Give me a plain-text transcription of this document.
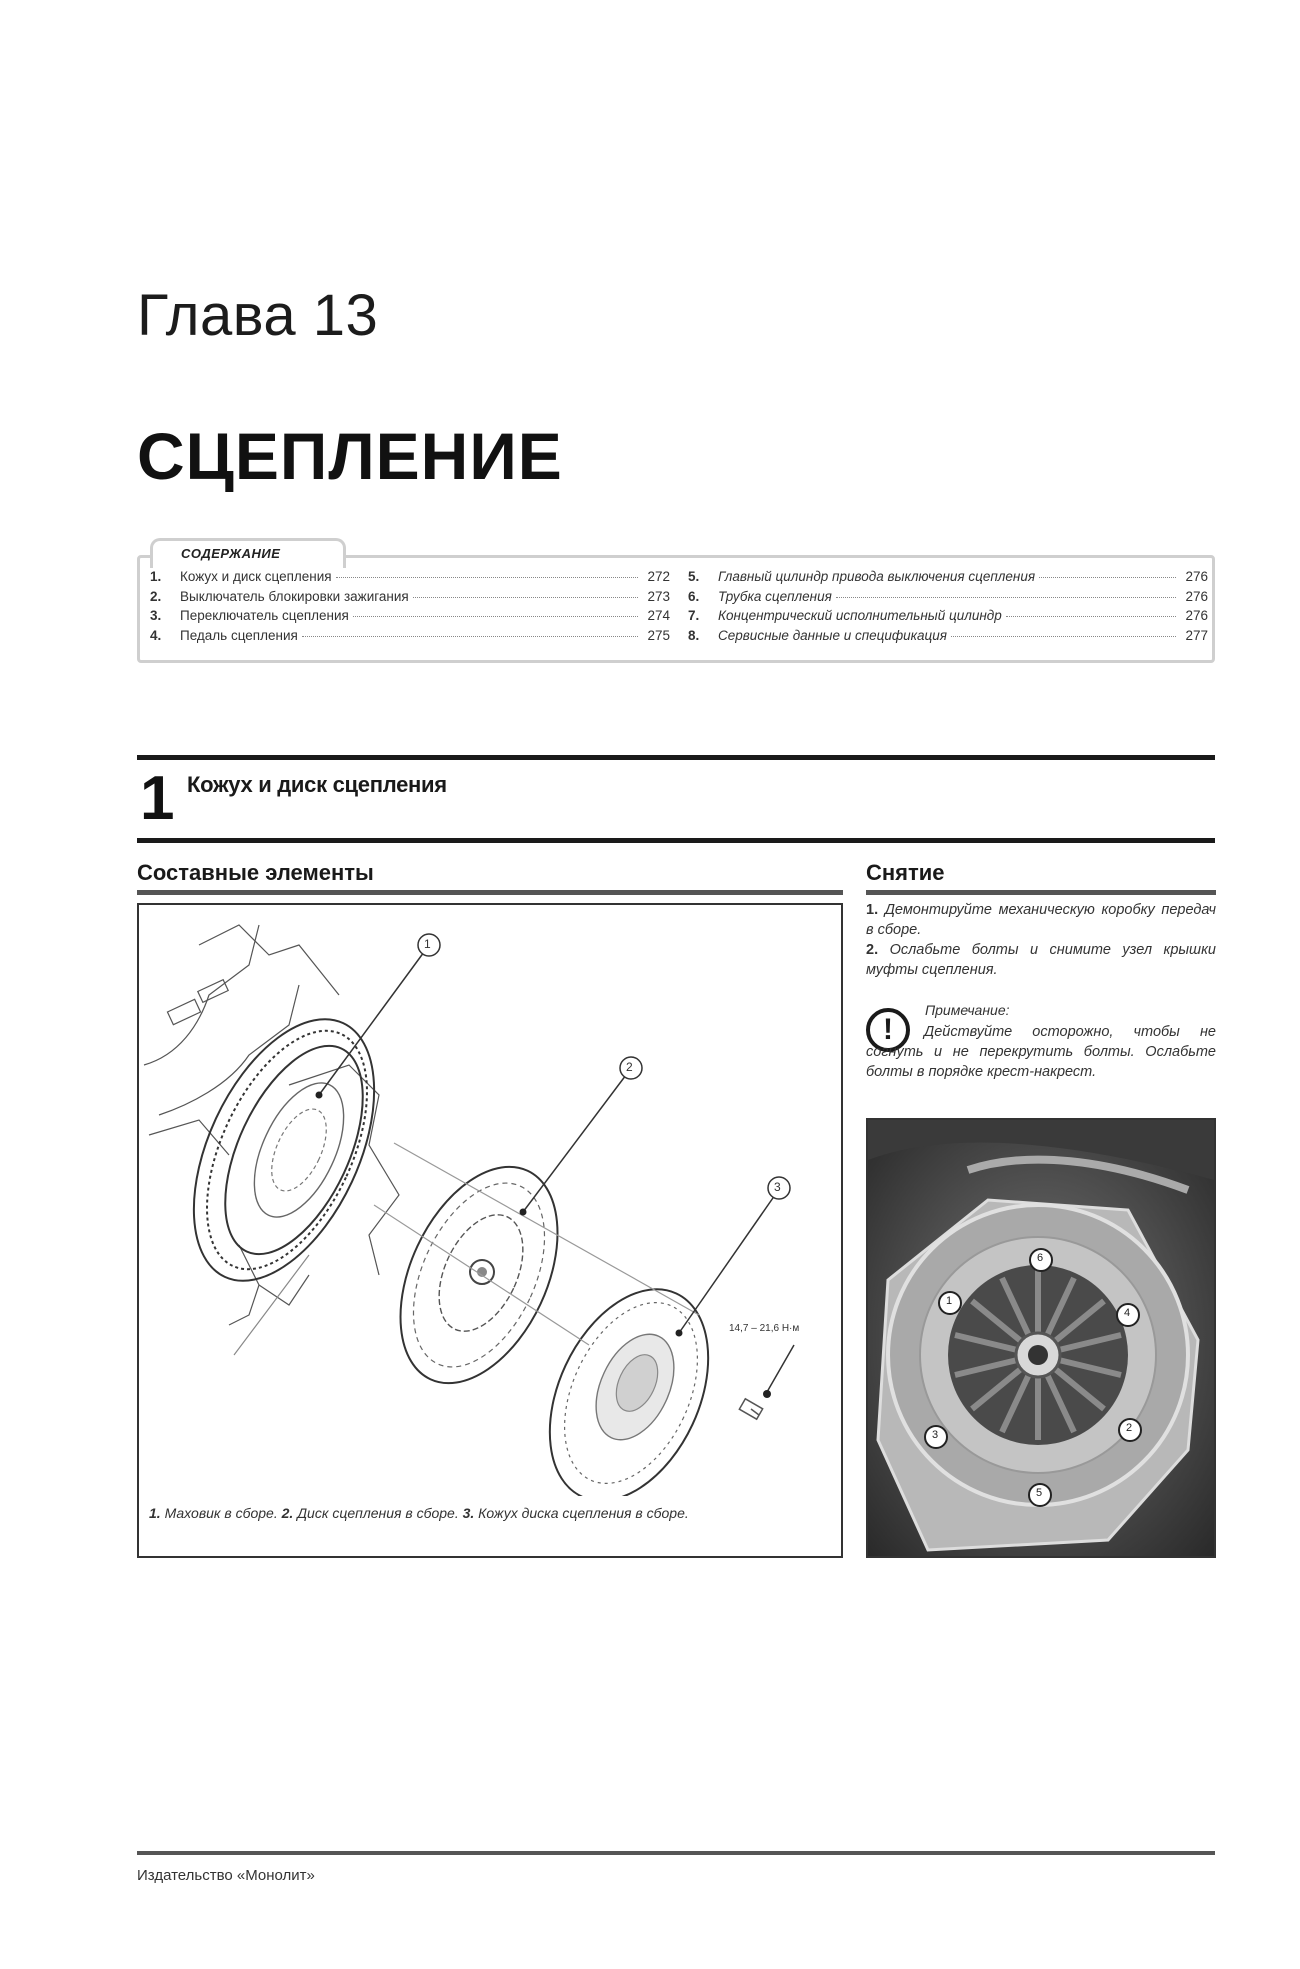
Глава 13
СЦЕПЛЕНИЕ
СОДЕРЖАНИЕ
1.	Кожух и диск сцепления	272
2.	Выключатель блокировки зажигания	273
3.	Переключатель сцепления	274
4.	Педаль сцепления	275
5.	Главный цилиндр привода выключения сцепления	276
6.	Трубка сцепления	276
7.	Концентрический исполнительный цилиндр	276
8.	Сервисные данные и спецификация	277
1 Кожух и диск сцепления
Составные элементы	Снятие
1
2
3
14,7 – 21,6 Н·м
1. Маховик в сборе. 2. Диск сцепления в сборе. 3. Кожух диска сцепления в сборе.
1. Демонтируйте механическую коробку передач в сборе.
2. Ослабьте болты и снимите узел крышки муфты сцепления.
!
Примечание:
Действуйте осторожно, чтобы не согнуть и не перекрутить болты. Ослабьте болты в порядке крест-накрест.
6
1
4
3
2
5
Издательство «Монолит»
